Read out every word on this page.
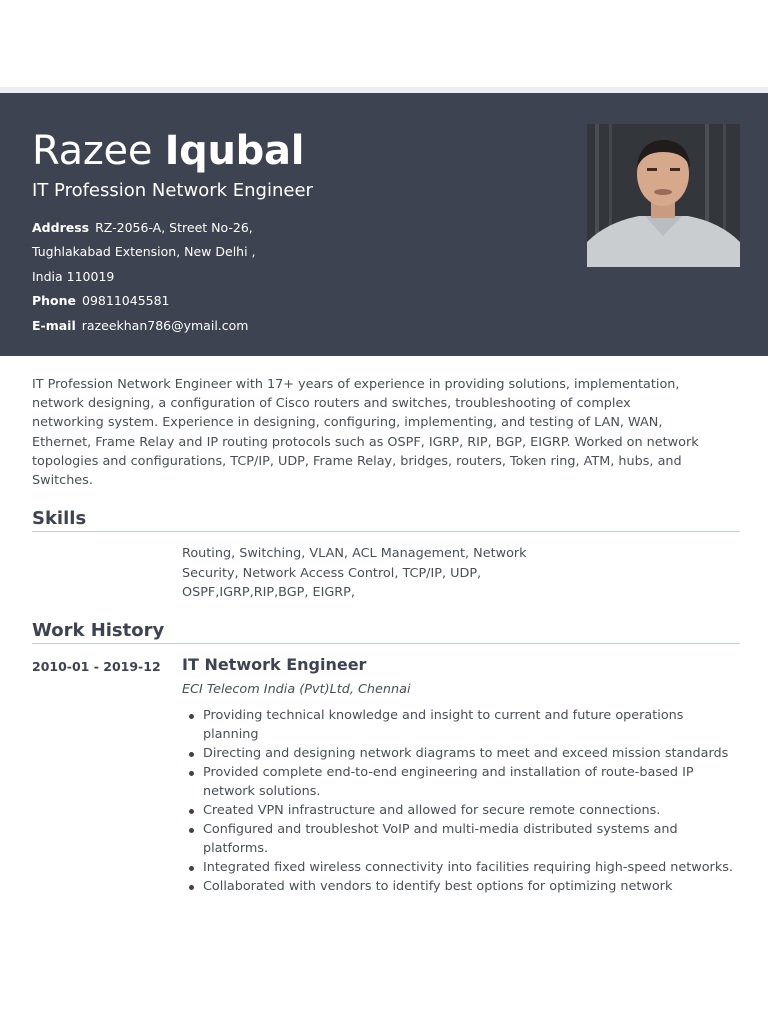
Razee Iqubal
IT Profession Network Engineer
Address RZ-2056-A, Street No-26,
Tughlakabad Extension, New Delhi ,
India 110019
Phone 09811045581
E-mail razeekhan786@ymail.com
IT Profession Network Engineer with 17+ years of experience in providing solutions, implementation,
network designing, a configuration of Cisco routers and switches, troubleshooting of complex
networking system. Experience in designing, configuring, implementing, and testing of LAN, WAN,
Ethernet, Frame Relay and IP routing protocols such as OSPF, IGRP, RIP, BGP, EIGRP. Worked on network
topologies and configurations, TCP/IP, UDP, Frame Relay, bridges, routers, Token ring, ATM, hubs, and
Switches.
Skills
Routing, Switching, VLAN, ACL Management, Network
Security, Network Access Control, TCP/IP, UDP,
OSPF,IGRP,RIP,BGP, EIGRP,
Work History
2010-01 - 2019-12 IT Network Engineer
ECI Telecom India (Pvt)Ltd, Chennai
Providing technical knowledge and insight to current and future operations planning
Directing and designing network diagrams to meet and exceed mission standards
Provided complete end-to-end engineering and installation of route-based IP network solutions.
Created VPN infrastructure and allowed for secure remote connections.
Configured and troubleshot VoIP and multi-media distributed systems and platforms.
Integrated fixed wireless connectivity into facilities requiring high-speed networks.
Collaborated with vendors to identify best options for optimizing network
